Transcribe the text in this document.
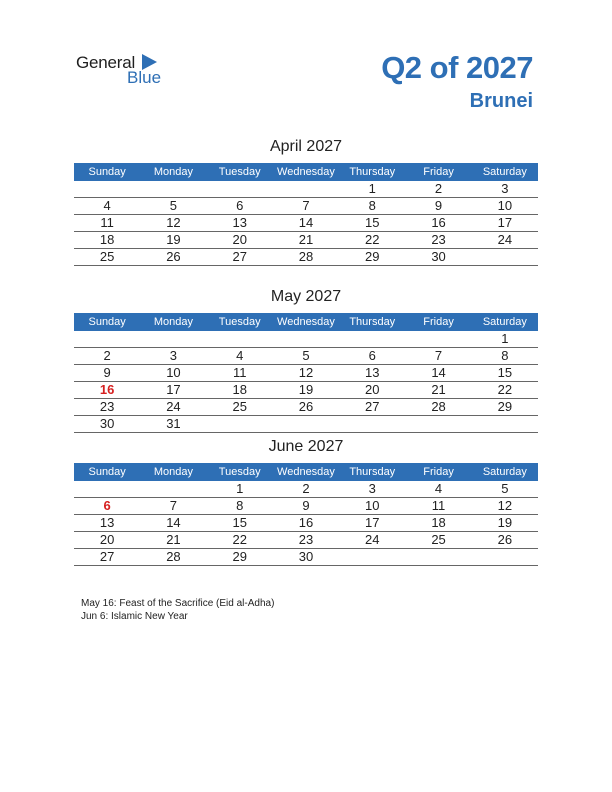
General
Blue	Q2 of 2027
Brunei
April 2027
Sunday	Monday	Tuesday	Wednesday	Thursday	Friday	Saturday
				1	2	3
4	5	6	7	8	9	10
11	12	13	14	15	16	17
18	19	20	21	22	23	24
25	26	27	28	29	30	
May 2027
Sunday	Monday	Tuesday	Wednesday	Thursday	Friday	Saturday
						1
2	3	4	5	6	7	8
9	10	11	12	13	14	15
16	17	18	19	20	21	22
23	24	25	26	27	28	29
30	31					
June 2027
Sunday	Monday	Tuesday	Wednesday	Thursday	Friday	Saturday
		1	2	3	4	5
6	7	8	9	10	11	12
13	14	15	16	17	18	19
20	21	22	23	24	25	26
27	28	29	30			
May 16: Feast of the Sacrifice (Eid al-Adha)
Jun 6: Islamic New Year
